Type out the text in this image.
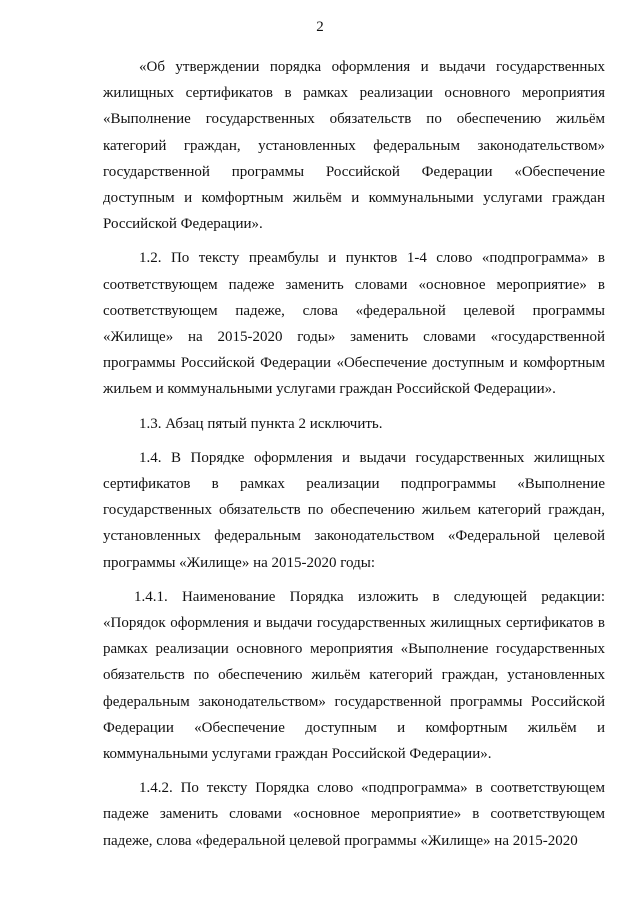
2

«Об утверждении порядка оформления и выдачи государственных жилищных сертификатов в рамках реализации основного мероприятия «Выполнение государственных обязательств по обеспечению жильём категорий граждан, установленных федеральным законодательством» государственной программы Российской Федерации «Обеспечение доступным и комфортным жильём и коммунальными услугами граждан Российской Федерации».

1.2. По тексту преамбулы и пунктов 1-4 слово «подпрограмма» в соответствующем падеже заменить словами «основное мероприятие» в соответствующем падеже, слова «федеральной целевой программы «Жилище» на 2015-2020 годы» заменить словами «государственной программы Российской Федерации «Обеспечение доступным и комфортным жильем и коммунальными услугами граждан Российской Федерации».

1.3. Абзац пятый пункта 2 исключить.

1.4. В Порядке оформления и выдачи государственных жилищных сертификатов в рамках реализации подпрограммы «Выполнение государственных обязательств по обеспечению жильем категорий граждан, установленных федеральным законодательством «Федеральной целевой программы «Жилище» на 2015-2020 годы:

1.4.1. Наименование Порядка изложить в следующей редакции: «Порядок оформления и выдачи государственных жилищных сертификатов в рамках реализации основного мероприятия «Выполнение государственных обязательств по обеспечению жильём категорий граждан, установленных федеральным законодательством» государственной программы Российской Федерации «Обеспечение доступным и комфортным жильём и коммунальными услугами граждан Российской Федерации».

1.4.2. По тексту Порядка слово «подпрограмма» в соответствующем падеже заменить словами «основное мероприятие» в соответствующем падеже, слова «федеральной целевой программы «Жилище» на 2015-2020
